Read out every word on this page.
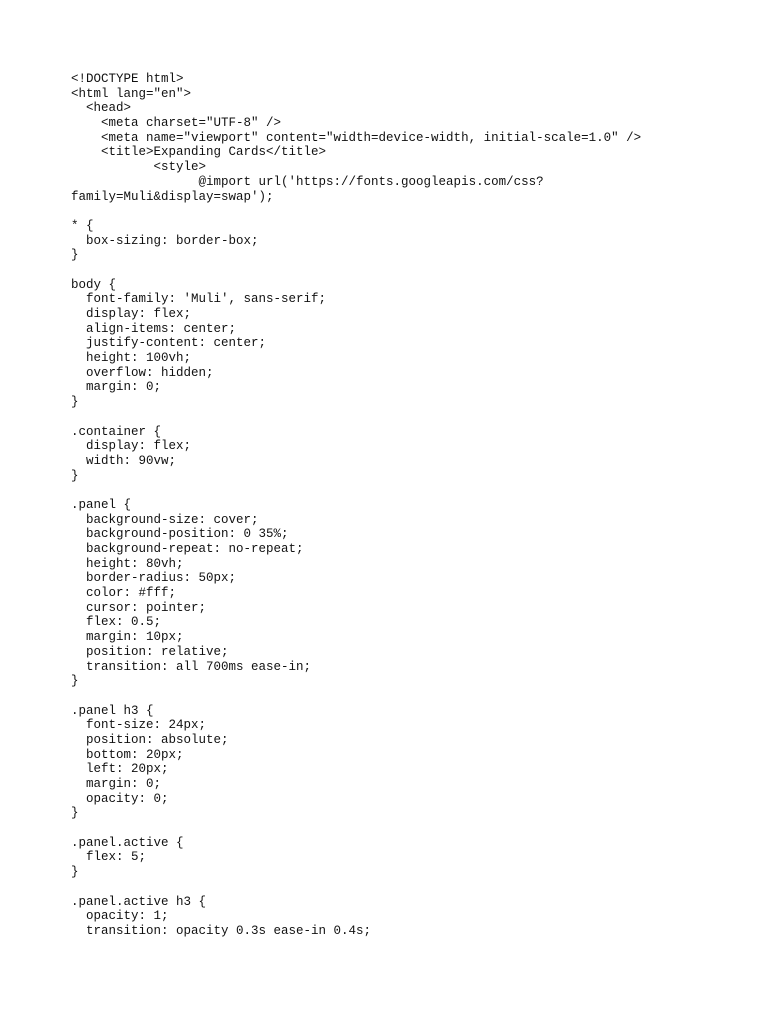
<!DOCTYPE html>
<html lang="en">
<head>
<meta charset="UTF-8" />
<meta name="viewport" content="width=device-width, initial-scale=1.0" />
<title>Expanding Cards</title>
<style>
@import url('https://fonts.googleapis.com/css?
family=Muli&display=swap');
* {
box-sizing: border-box;
}
body {
font-family: 'Muli', sans-serif;
display: flex;
align-items: center;
justify-content: center;
height: 100vh;
overflow: hidden;
margin: 0;
}
.container {
display: flex;
width: 90vw;
}
.panel {
background-size: cover;
background-position: 0 35%;
background-repeat: no-repeat;
height: 80vh;
border-radius: 50px;
color: #fff;
cursor: pointer;
flex: 0.5;
margin: 10px;
position: relative;
transition: all 700ms ease-in;
}
.panel h3 {
font-size: 24px;
position: absolute;
bottom: 20px;
left: 20px;
margin: 0;
opacity: 0;
}
.panel.active {
flex: 5;
}
.panel.active h3 {
opacity: 1;
transition: opacity 0.3s ease-in 0.4s;
